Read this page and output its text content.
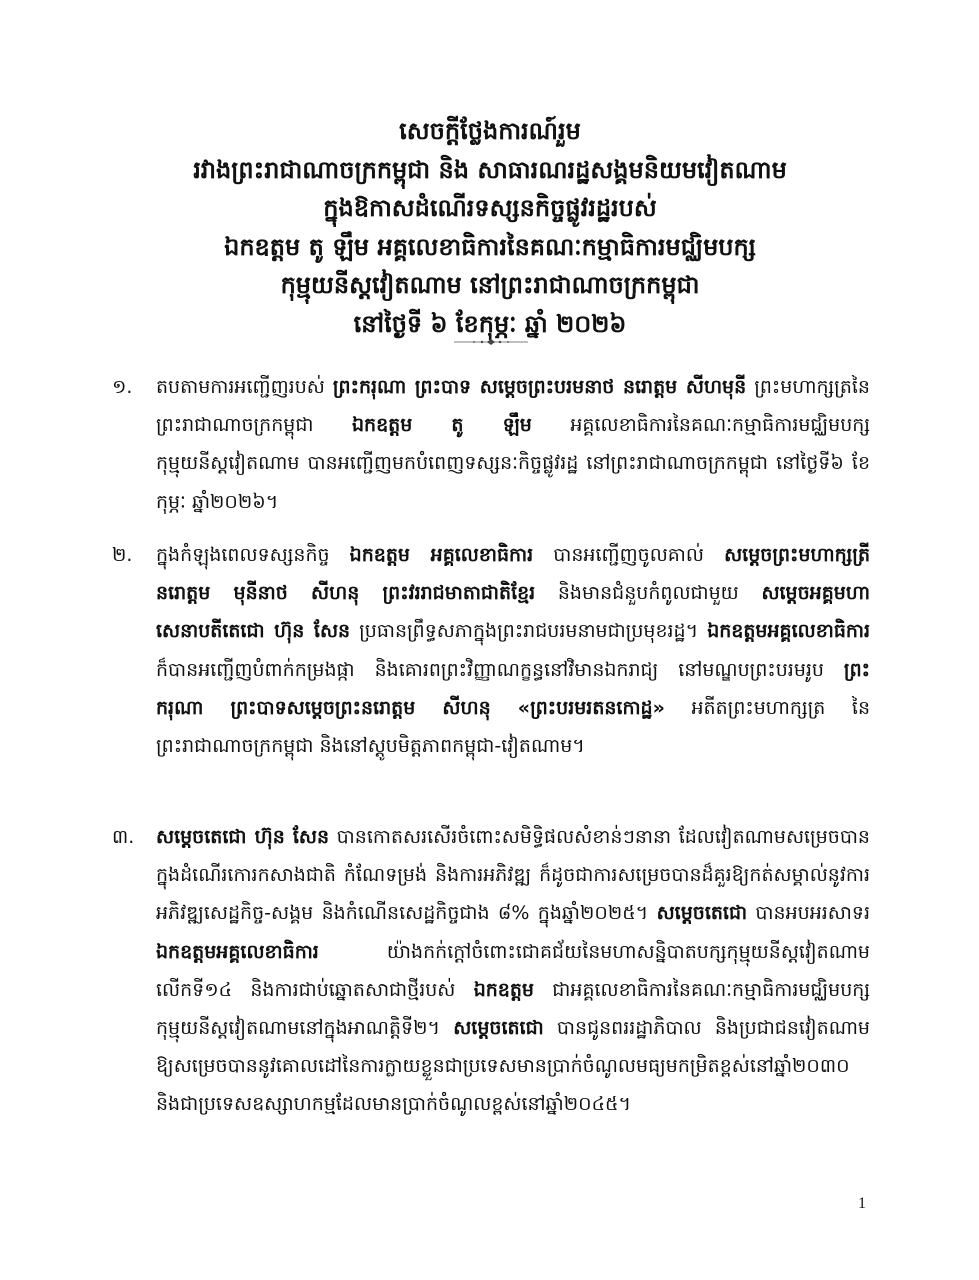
សេចក្តីថ្លែងការណ៍រួម
រវាងព្រះរាជាណាចក្រកម្ពុជា និង សាធារណរដ្ឋសង្គមនិយមវៀតណាម
ក្នុងឱកាសដំណើរទស្សនកិច្ចផ្លូវរដ្ឋរបស់
ឯកឧត្តម តូ ឡឹម អគ្គលេខាធិការនៃគណៈកម្មាធិការមជ្ឈិមបក្ស
កុម្មុយនីស្តវៀតណាម នៅព្រះរាជាណាចក្រកម្ពុជា
នៅថ្ងៃទី ៦ ខែកុម្ភៈ ឆ្នាំ ២០២៦
១. តបតាមការអញ្ជើញរបស់ ព្រះករុណា ព្រះបាទ សម្តេចព្រះបរមនាថ នរោត្តម សីហមុនី ព្រះមហាក្សត្រនៃព្រះរាជាណាចក្រកម្ពុជា ឯកឧត្តម តូ ឡឹម អគ្គលេខាធិការនៃគណៈកម្មាធិការមជ្ឈិមបក្សកុម្មុយនីស្តវៀតណាម បានអញ្ជើញមកបំពេញទស្សនៈកិច្ចផ្លូវរដ្ឋ នៅព្រះរាជាណាចក្រកម្ពុជា នៅថ្ងៃទី៦ ខែកុម្ភៈ ឆ្នាំ២០២៦។
២. ក្នុងកំឡុងពេលទស្សនកិច្ច ឯកឧត្តម អគ្គលេខាធិការ បានអញ្ជើញចូលគាល់ សម្តេចព្រះមហាក្សត្រី នរោត្តម មុនីនាថ សីហនុ ព្រះវររាជមាតាជាតិខ្មែរ និងមានជំនួបកំពូលជាមួយ សម្តេចអគ្គមហាសេនាបតីតេជោ ហ៊ុន សែន ប្រធានព្រឹទ្ធសភាក្នុងព្រះរាជបរមនាមជាប្រមុខរដ្ឋ។ ឯកឧត្តមអគ្គលេខាធិការ ក៏បានអញ្ជើញបំពាក់កម្រងផ្កា និងគោរពព្រះវិញ្ញាណក្ខន្ធនៅវិមានឯករាជ្យ នៅមណ្ឌបព្រះបរមរូប ព្រះករុណា ព្រះបាទសម្តេចព្រះនរោត្តម សីហនុ «ព្រះបរមរតនកោដ្ឋ» អតីតព្រះមហាក្សត្រ នៃព្រះរាជាណាចក្រកម្ពុជា និងនៅស្តូបមិត្តភាពកម្ពុជា-វៀតណាម។
៣. សម្តេចតេជោ ហ៊ុន សែន បានកោតសរសើរចំពោះសមិទ្ធិផលសំខាន់ៗនានា ដែលវៀតណាមសម្រេចបានក្នុងដំណើរកោរកសាងជាតិ កំណែទម្រង់ និងការអភិវឌ្ឍ ក៏ដូចជាការសម្រេចបានដ៏គួរឱ្យកត់សម្គាល់នូវការអភិវឌ្ឍសេដ្ឋកិច្ច-សង្គម និងកំណើនសេដ្ឋកិច្ចជាង ៨% ក្នុងឆ្នាំ២០២៥។ សម្តេចតេជោ បានអបអរសាទរ ឯកឧត្តមអគ្គលេខាធិការ យ៉ាងកក់ក្តៅចំពោះជោគជ័យនៃមហាសន្និបាតបក្សកុម្មុយនីស្តវៀតណាម លើកទី១៤ និងការជាប់ឆ្នោតសាជាថ្មីរបស់ ឯកឧត្តម ជាអគ្គលេខាធិការនៃគណៈកម្មាធិការមជ្ឈិមបក្សកុម្មុយនីស្តវៀតណាមនៅក្នុងអាណត្តិទី២។ សម្តេចតេជោ បានជូនពររដ្ឋាភិបាល និងប្រជាជនវៀតណាម ឱ្យសម្រេចបាននូវគោលដៅនៃការក្លាយខ្លួនជាប្រទេសមានប្រាក់ចំណូលមធ្យមកម្រិតខ្ពស់នៅឆ្នាំ២០៣០ និងជាប្រទេសឧស្សាហកម្មដែលមានប្រាក់ចំណូលខ្ពស់នៅឆ្នាំ២០៤៥។
1
